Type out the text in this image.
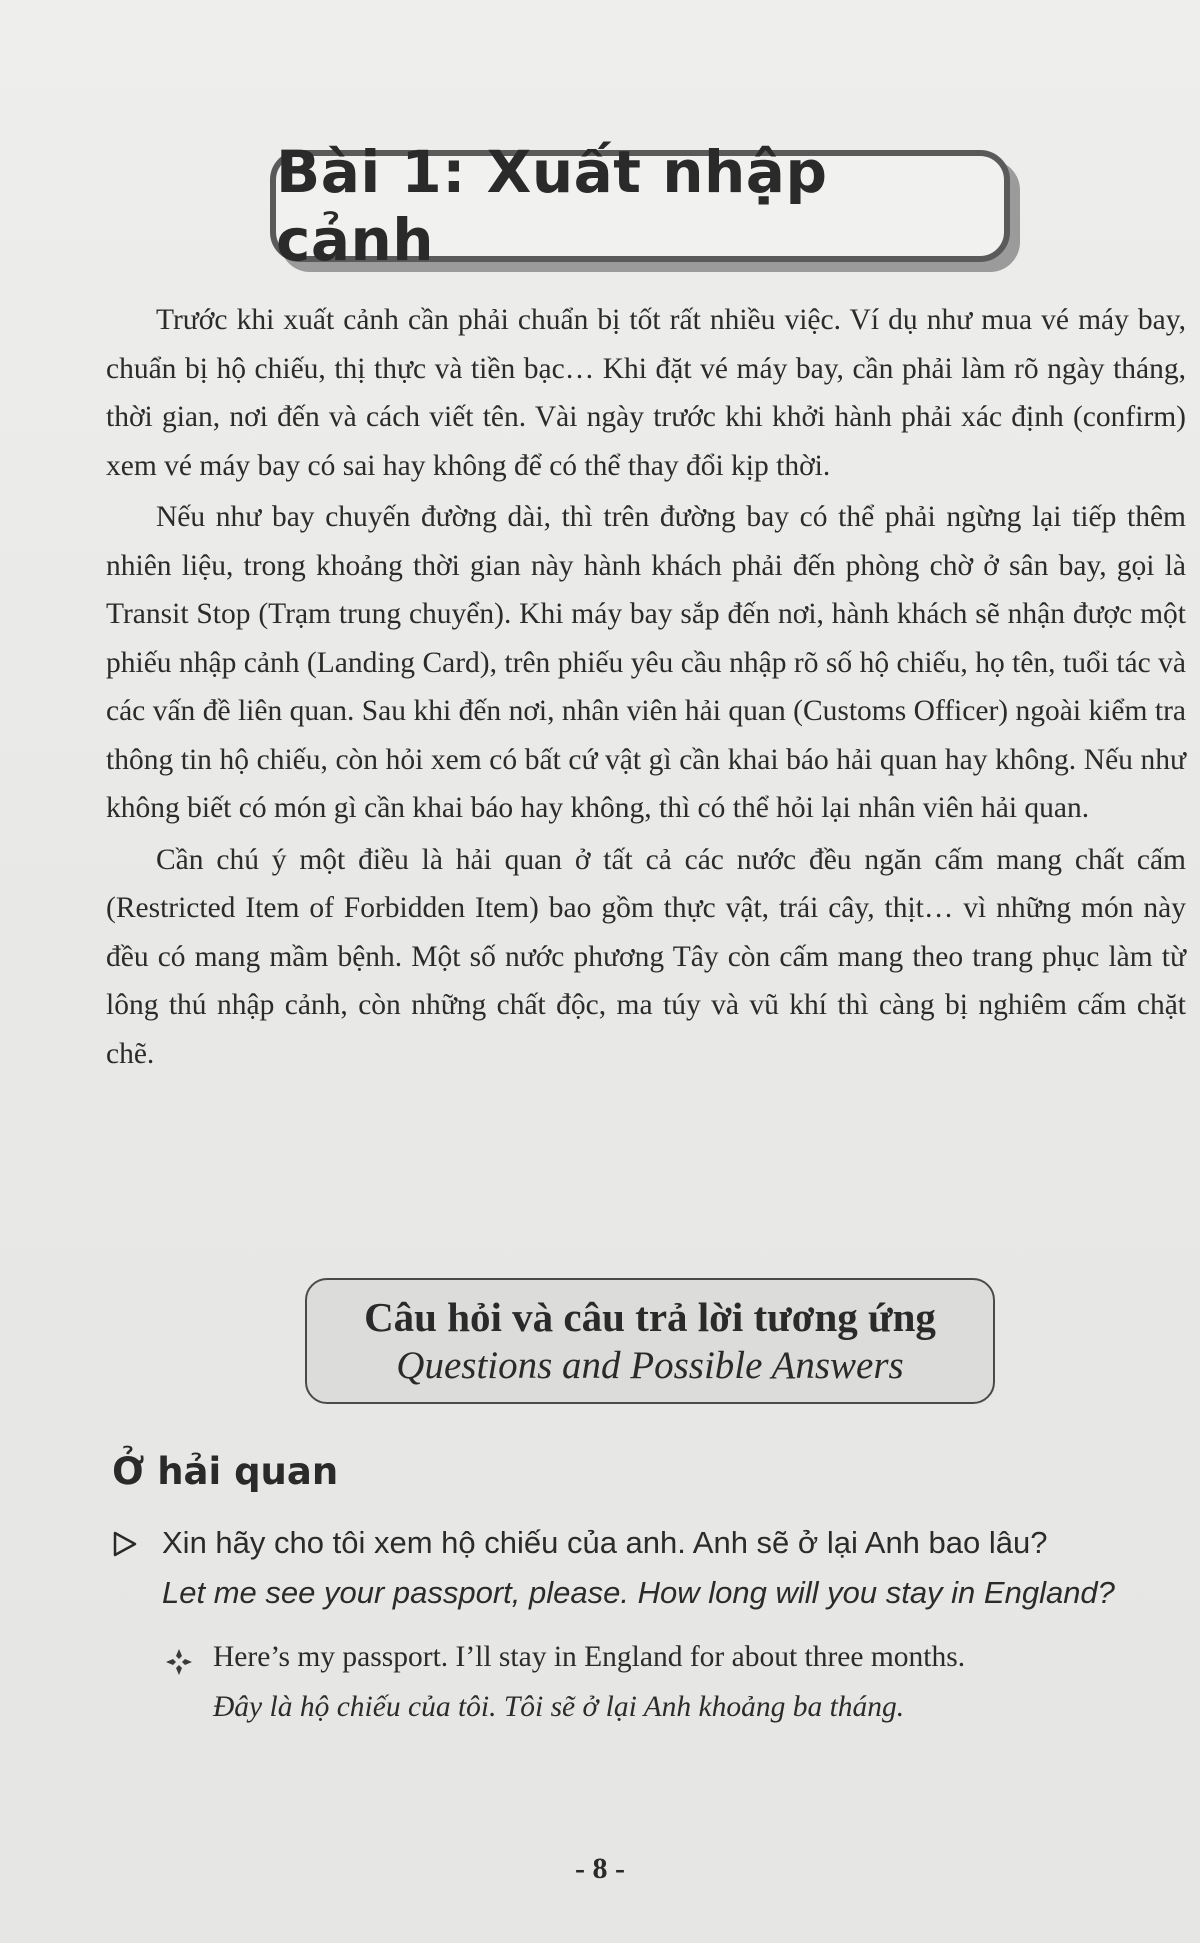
Bài 1: Xuất nhập cảnh

Trước khi xuất cảnh cần phải chuẩn bị tốt rất nhiều việc. Ví dụ như mua vé máy bay, chuẩn bị hộ chiếu, thị thực và tiền bạc… Khi đặt vé máy bay, cần phải làm rõ ngày tháng, thời gian, nơi đến và cách viết tên. Vài ngày trước khi khởi hành phải xác định (confirm) xem vé máy bay có sai hay không để có thể thay đổi kịp thời.

Nếu như bay chuyến đường dài, thì trên đường bay có thể phải ngừng lại tiếp thêm nhiên liệu, trong khoảng thời gian này hành khách phải đến phòng chờ ở sân bay, gọi là Transit Stop (Trạm trung chuyển). Khi máy bay sắp đến nơi, hành khách sẽ nhận được một phiếu nhập cảnh (Landing Card), trên phiếu yêu cầu nhập rõ số hộ chiếu, họ tên, tuổi tác và các vấn đề liên quan. Sau khi đến nơi, nhân viên hải quan (Customs Officer) ngoài kiểm tra thông tin hộ chiếu, còn hỏi xem có bất cứ vật gì cần khai báo hải quan hay không. Nếu như không biết có món gì cần khai báo hay không, thì có thể hỏi lại nhân viên hải quan.

Cần chú ý một điều là hải quan ở tất cả các nước đều ngăn cấm mang chất cấm (Restricted Item of Forbidden Item) bao gồm thực vật, trái cây, thịt… vì những món này đều có mang mầm bệnh. Một số nước phương Tây còn cấm mang theo trang phục làm từ lông thú nhập cảnh, còn những chất độc, ma túy và vũ khí thì càng bị nghiêm cấm chặt chẽ.

Câu hỏi và câu trả lời tương ứng
Questions and Possible Answers
Ở hải quan
Xin hãy cho tôi xem hộ chiếu của anh. Anh sẽ ở lại Anh bao lâu?
Let me see your passport, please. How long will you stay in England?
Here’s my passport. I’ll stay in England for about three months.
Đây là hộ chiếu của tôi. Tôi sẽ ở lại Anh khoảng ba tháng.
- 8 -
